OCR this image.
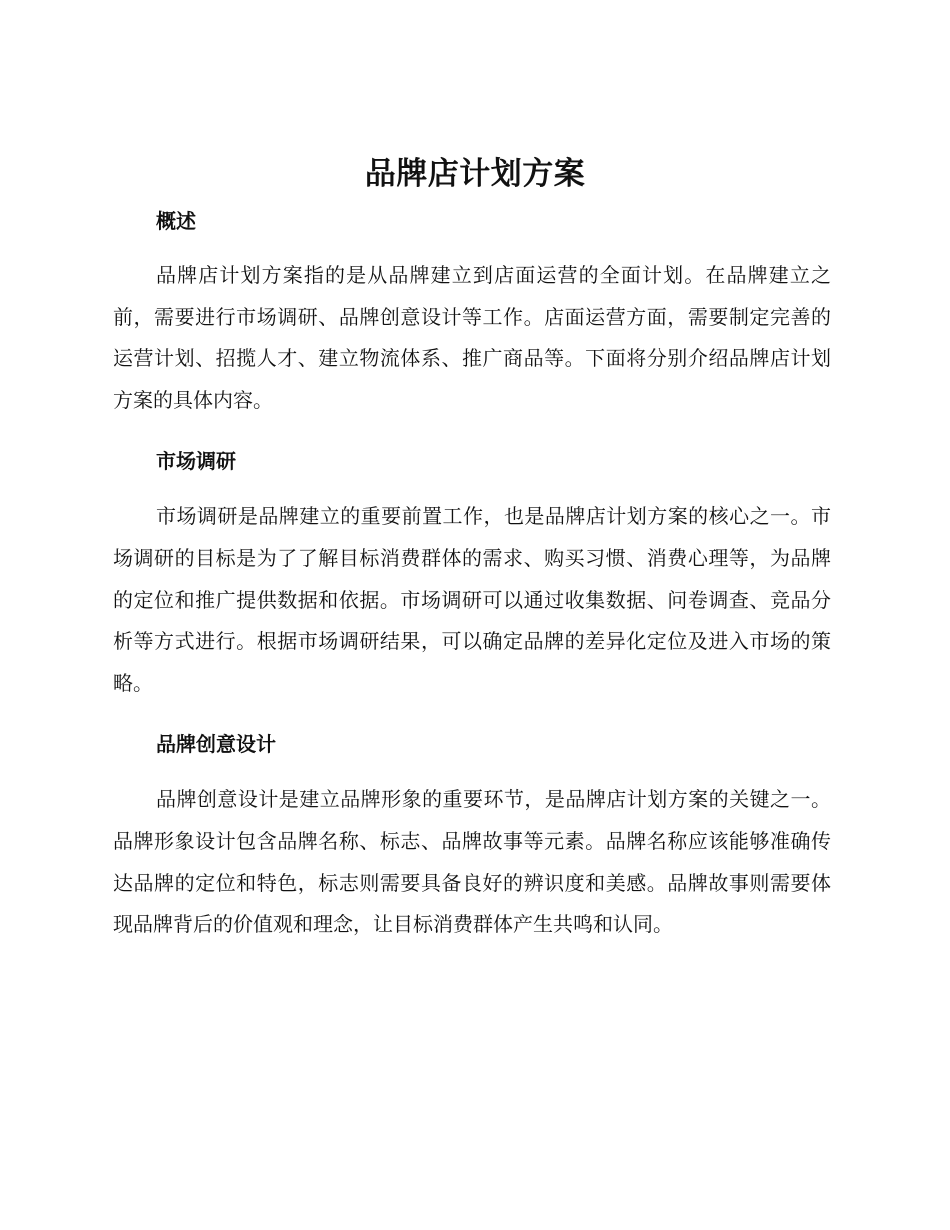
品牌店计划方案
概述

品牌店计划方案指的是从品牌建立到店面运营的全面计划。在品牌建立之前，需要进行市场调研、品牌创意设计等工作。店面运营方面，需要制定完善的运营计划、招揽人才、建立物流体系、推广商品等。下面将分别介绍品牌店计划方案的具体内容。

市场调研

市场调研是品牌建立的重要前置工作，也是品牌店计划方案的核心之一。市场调研的目标是为了了解目标消费群体的需求、购买习惯、消费心理等，为品牌的定位和推广提供数据和依据。市场调研可以通过收集数据、问卷调查、竞品分析等方式进行。根据市场调研结果，可以确定品牌的差异化定位及进入市场的策略。

品牌创意设计

品牌创意设计是建立品牌形象的重要环节，是品牌店计划方案的关键之一。品牌形象设计包含品牌名称、标志、品牌故事等元素。品牌名称应该能够准确传达品牌的定位和特色，标志则需要具备良好的辨识度和美感。品牌故事则需要体现品牌背后的价值观和理念，让目标消费群体产生共鸣和认同。
